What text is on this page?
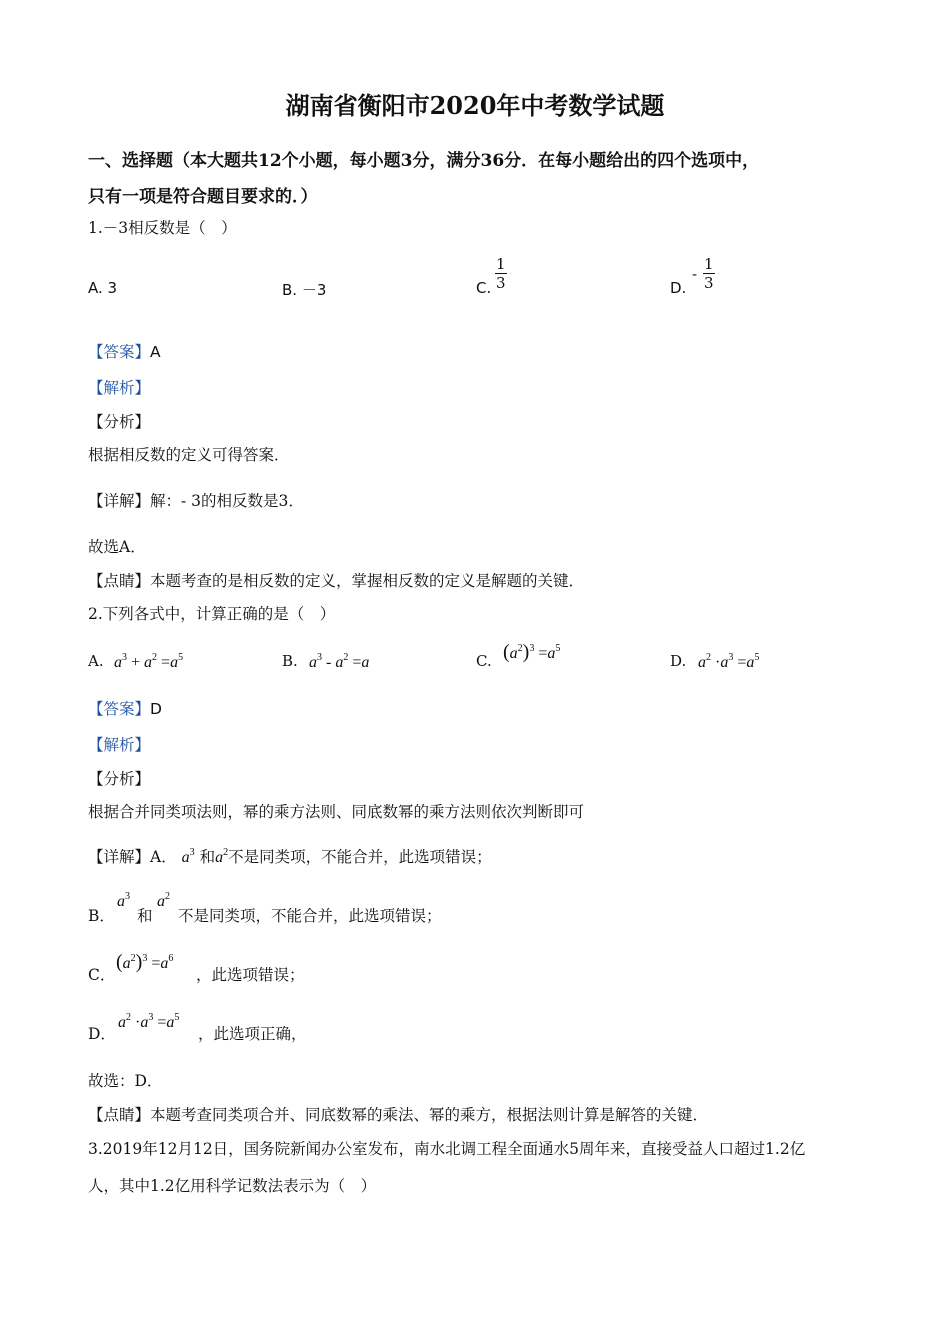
湖南省衡阳市2020年中考数学试题
一、选择题（本大题共12个小题，每小题3分，满分36分．在每小题给出的四个选项中，
只有一项是符合题目要求的．）
1.－3相反数是（　）
A. 3	B. －3	C. $\frac{1}{3}$	D.
- $\frac{1}{3}$
【答案】A
【解析】
【分析】
根据相反数的定义可得答案．
【详解】解：- 3的相反数是3．
故选A．
【点睛】本题考查的是相反数的定义，掌握相反数的定义是解题的关键．
2.下列各式中，计算正确的是（　）
A. $a^3 + a^2 =a^5$	B. $a^3 - a^2 =a$	C. $(a^2)^3 =a^5$
D. $a^2 \cdot a^3 =a^5$
【答案】D
【解析】
【分析】
根据合并同类项法则，幂的乘方法则、同底数幂的乘方法则依次判断即可
【详解】A． $a^3$ 和$a^2$不是同类项，不能合并，此选项错误；
B．
$a^3$
和
$a^2$
不是同类项，不能合并，此选项错误；
C．
$(a^2)^3 =a^6$
，此选项错误；
D．
$a^2 \cdot a^3 =a^5$
，此选项正确，
故选：D．
【点睛】本题考查同类项合并、同底数幂的乘法、幂的乘方，根据法则计算是解答的关键．
3.2019年12月12日，国务院新闻办公室发布，南水北调工程全面通水5周年来，直接受益人口超过1.2亿
人，其中1.2亿用科学记数法表示为（　）
